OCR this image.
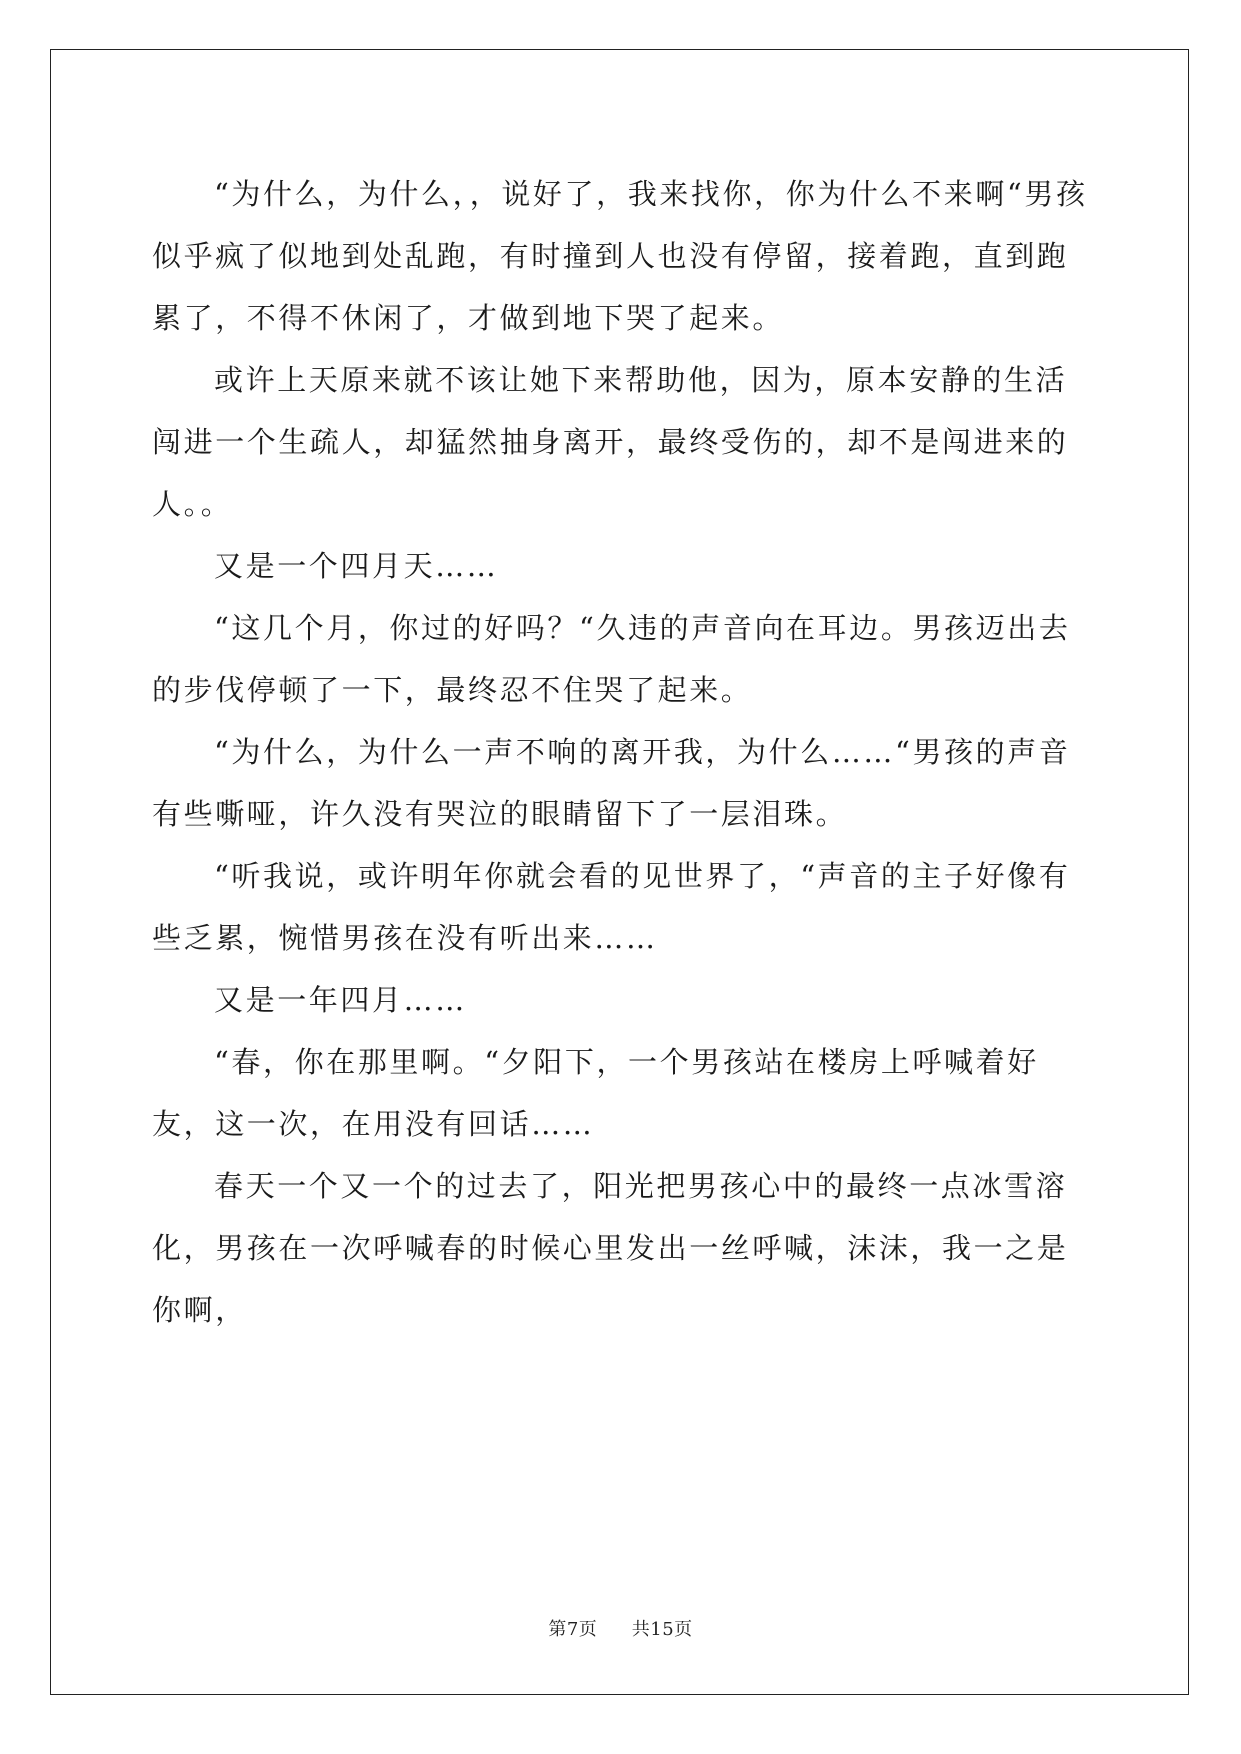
“为什么，为什么，，说好了，我来找你，你为什么不来啊“男孩似乎疯了似地到处乱跑，有时撞到人也没有停留，接着跑，直到跑累了，不得不休闲了，才做到地下哭了起来。

或许上天原来就不该让她下来帮助他，因为，原本安静的生活闯进一个生疏人，却猛然抽身离开，最终受伤的，却不是闯进来的人。。

又是一个四月天……

“这几个月，你过的好吗？“久违的声音向在耳边。男孩迈出去的步伐停顿了一下，最终忍不住哭了起来。

“为什么，为什么一声不响的离开我，为什么……“男孩的声音有些嘶哑，许久没有哭泣的眼睛留下了一层泪珠。

“听我说，或许明年你就会看的见世界了，“声音的主子好像有些乏累，惋惜男孩在没有听出来……

又是一年四月……

“春，你在那里啊。“夕阳下，一个男孩站在楼房上呼喊着好友，这一次，在用没有回话……

春天一个又一个的过去了，阳光把男孩心中的最终一点冰雪溶化，男孩在一次呼喊春的时候心里发出一丝呼喊，沫沫，我一之是你啊，

第7页 共15页
